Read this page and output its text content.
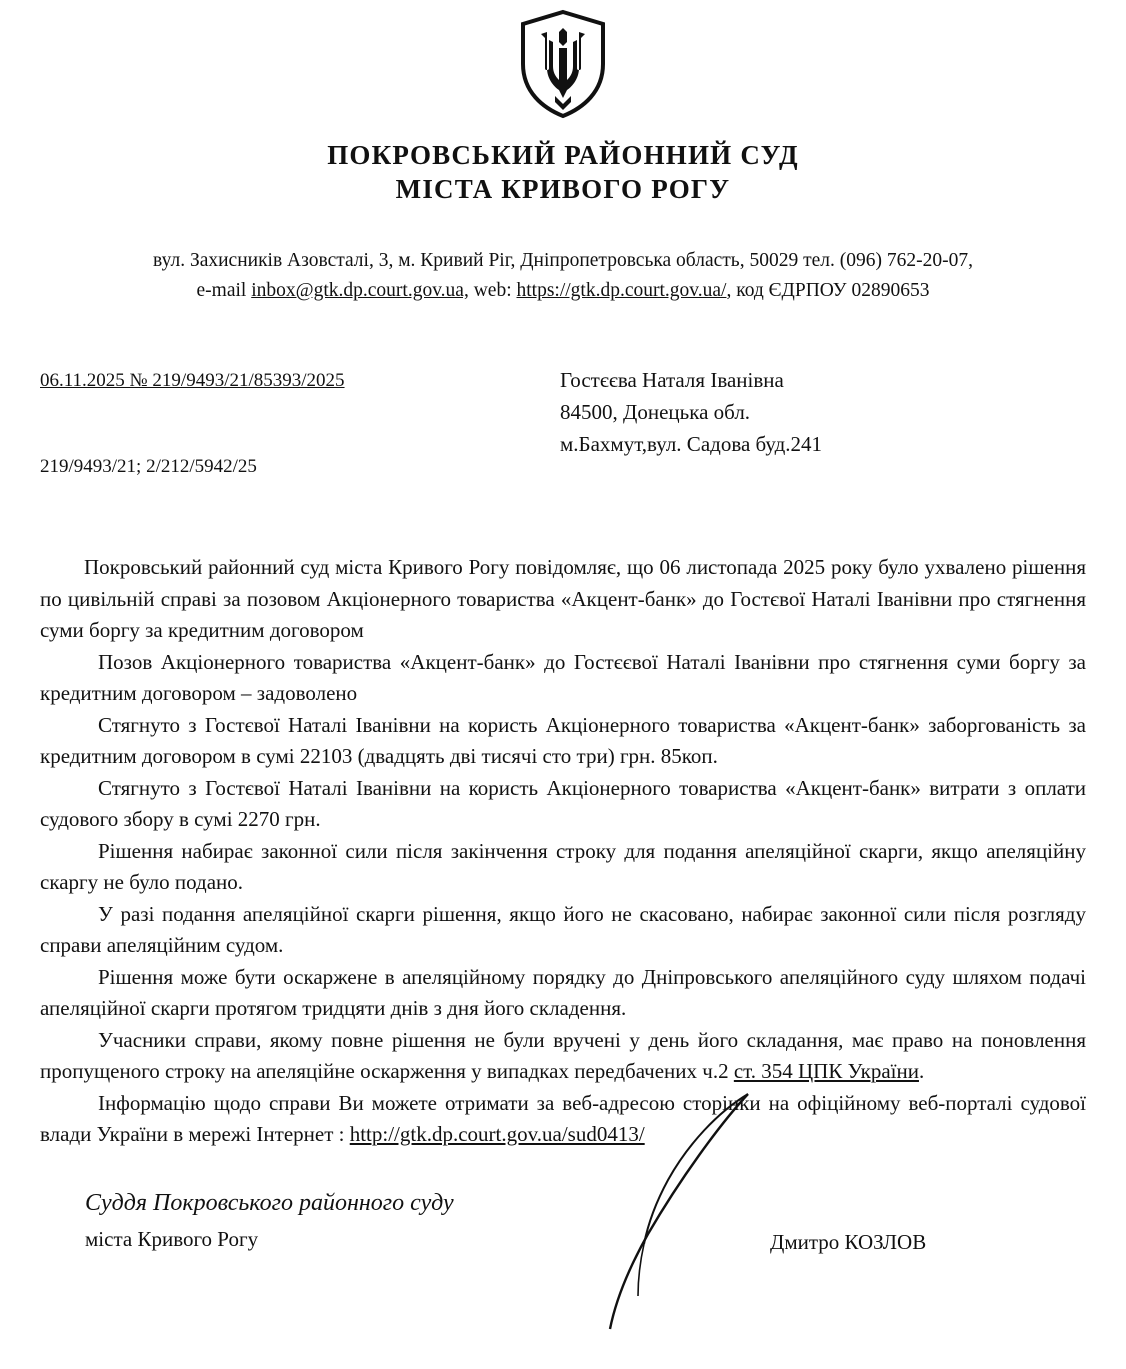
ПОКРОВСЬКИЙ РАЙОННИЙ СУД
МІСТА КРИВОГО РОГУ
вул. Захисників Азовсталі, 3, м. Кривий Ріг, Дніпропетровська область, 50029 тел. (096) 762-20-07,
e-mail inbox@gtk.dp.court.gov.ua, web: https://gtk.dp.court.gov.ua/, код ЄДРПОУ 02890653
06.11.2025 № 219/9493/21/85393/2025
219/9493/21; 2/212/5942/25
Гостєєва Наталя Іванівна
84500, Донецька обл.
м.Бахмут,вул. Садова буд.241

Покровський районний суд міста Кривого Рогу повідомляє, що 06 листопада 2025 року було ухвалено рішення по цивільній справі за позовом Акціонерного товариства «Акцент-банк» до Гостєвої Наталі Іванівни про стягнення суми боргу за кредитним договором

Позов Акціонерного товариства «Акцент-банк» до Гостєєвої Наталі Іванівни про стягнення суми боргу за кредитним договором – задоволено

Стягнуто з Гостєвої Наталі Іванівни на користь Акціонерного товариства «Акцент-банк» заборгованість за кредитним договором в сумі 22103 (двадцять дві тисячі сто три) грн. 85коп.

Стягнуто з Гостєвої Наталі Іванівни на користь Акціонерного товариства «Акцент-банк» витрати з оплати судового збору в сумі 2270 грн.

Рішення набирає законної сили після закінчення строку для подання апеляційної скарги, якщо апеляційну скаргу не було подано.

У разі подання апеляційної скарги рішення, якщо його не скасовано, набирає законної сили після розгляду справи апеляційним судом.

Рішення може бути оскаржене в апеляційному порядку до Дніпровського апеляційного суду шляхом подачі апеляційної скарги протягом тридцяти днів з дня його складення.

Учасники справи, якому повне рішення не були вручені у день його складання, має право на поновлення пропущеного строку на апеляційне оскарження у випадках передбачених ч.2 ст. 354 ЦПК України.

Інформацію щодо справи Ви можете отримати за веб-адресою сторінки на офіційному веб-порталі судової влади України в мережі Інтернет : http://gtk.dp.court.gov.ua/sud0413/

Суддя Покровського районного суду
міста Кривого Рогу	Дмитро КОЗЛОВ
